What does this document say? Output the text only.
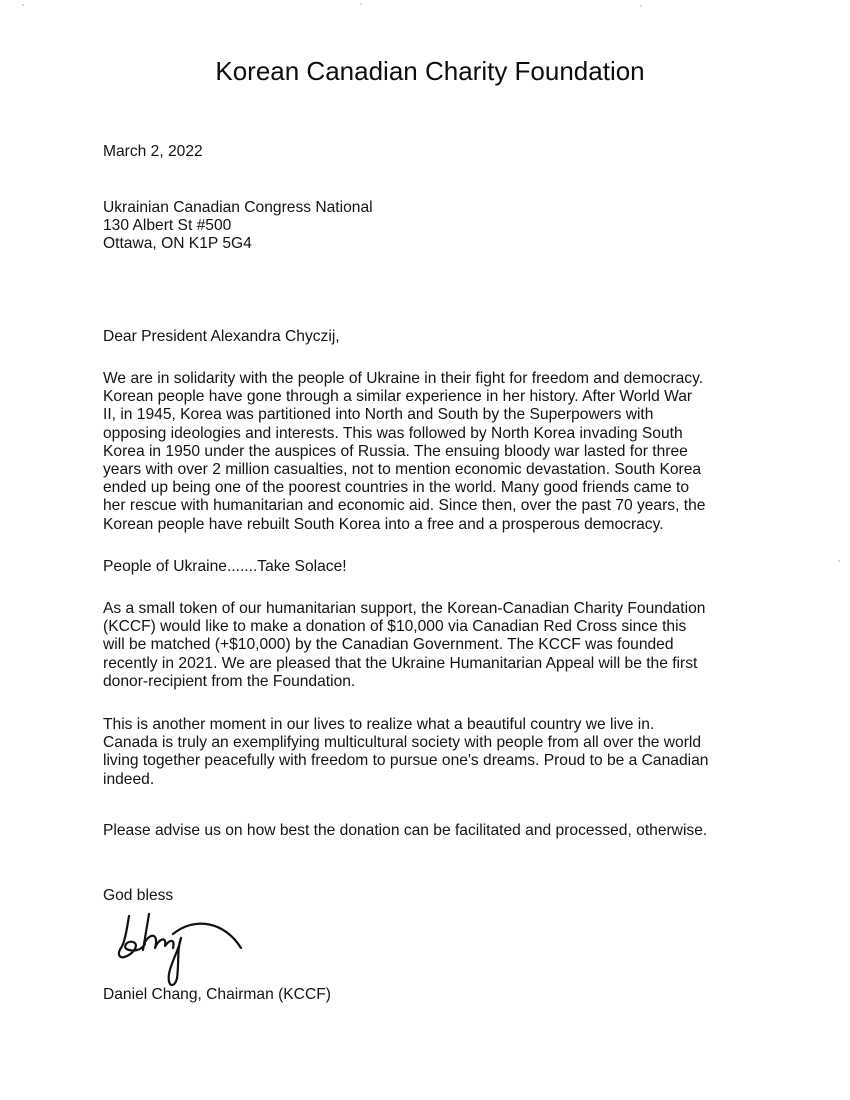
Korean Canadian Charity Foundation
March 2, 2022
Ukrainian Canadian Congress National
130 Albert St #500
Ottawa, ON K1P 5G4
Dear President Alexandra Chyczij,
We are in solidarity with the people of Ukraine in their fight for freedom and democracy.
Korean people have gone through a similar experience in her history. After World War
II, in 1945, Korea was partitioned into North and South by the Superpowers with
opposing ideologies and interests. This was followed by North Korea invading South
Korea in 1950 under the auspices of Russia. The ensuing bloody war lasted for three
years with over 2 million casualties, not to mention economic devastation. South Korea
ended up being one of the poorest countries in the world. Many good friends came to
her rescue with humanitarian and economic aid. Since then, over the past 70 years, the
Korean people have rebuilt South Korea into a free and a prosperous democracy.
People of Ukraine.......Take Solace!
As a small token of our humanitarian support, the Korean-Canadian Charity Foundation
(KCCF) would like to make a donation of $10,000 via Canadian Red Cross since this
will be matched (+$10,000) by the Canadian Government. The KCCF was founded
recently in 2021. We are pleased that the Ukraine Humanitarian Appeal will be the first
donor-recipient from the Foundation.
This is another moment in our lives to realize what a beautiful country we live in.
Canada is truly an exemplifying multicultural society with people from all over the world
living together peacefully with freedom to pursue one's dreams. Proud to be a Canadian
indeed.
Please advise us on how best the donation can be facilitated and processed, otherwise.
God bless
Daniel Chang, Chairman (KCCF)
